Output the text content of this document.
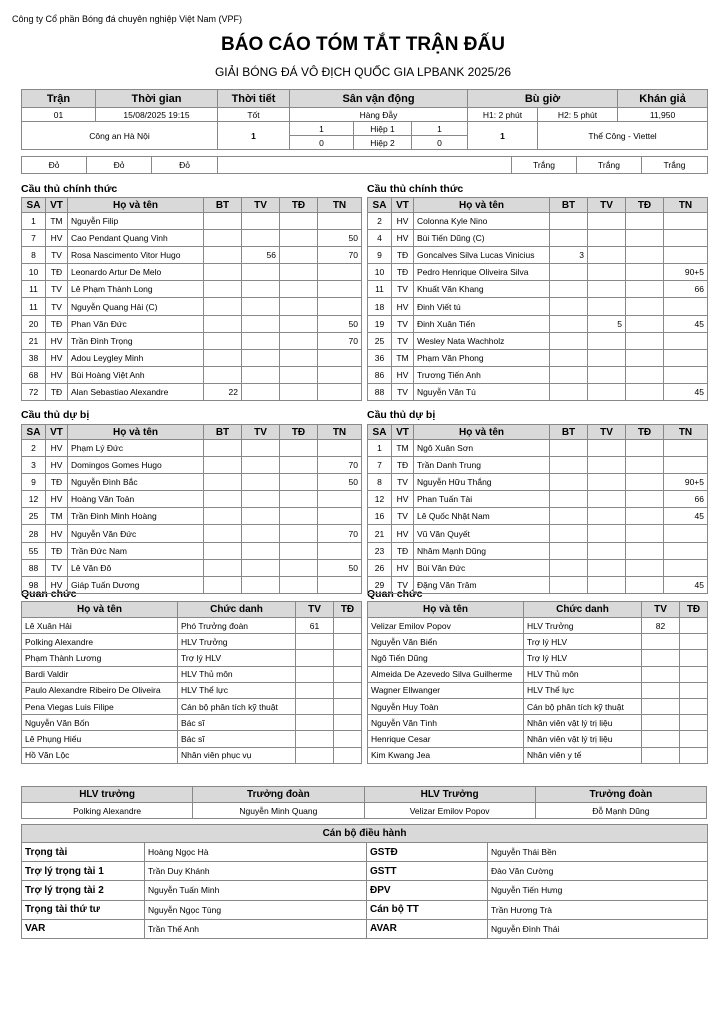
Công ty Cổ phần Bóng đá chuyên nghiệp Việt Nam (VPF)
BÁO CÁO TÓM TẮT TRẬN ĐẤU
GIẢI BÓNG ĐÁ VÔ ĐỊCH QUỐC GIA LPBANK 2025/26
Trận	Thời gian	Thời tiết	Sân vận động			Bù giờ		Khán giả
01	15/08/2025 19:15	Tốt	Hàng Đẫy			H1: 2 phút	H2: 5 phút	11,950
Công an Hà Nội		1	1	Hiệp 1	1	1	Thể Công - Viettel	
			0	Hiệp 2	0			
Đỏ	Đỏ	Đỏ		Trắng	Trắng	Trắng
Cầu thủ chính thức	Cầu thủ chính thức
Cầu thủ dự bị	Cầu thủ dự bị
Quan chức	Quan chức
SA	VT	Họ và tên	BT	TV	TĐ	TN
1	TM	Nguyễn Filip				
7	HV	Cao Pendant Quang Vinh				50
8	TV	Rosa Nascimento Vitor Hugo		56		70
10	TĐ	Leonardo Artur De Melo				
11	TV	Lê Phạm Thành Long				
11	TV	Nguyễn Quang Hải (C)				
20	TĐ	Phan Văn Đức				50
21	HV	Trần Đình Trọng				70
38	HV	Adou Leygley Minh				
68	HV	Bùi Hoàng Việt Anh				
72	TĐ	Alan Sebastiao Alexandre	22			
SA	VT	Họ và tên	BT	TV	TĐ	TN
2	HV	Colonna Kyle Nino				
4	HV	Bùi Tiến Dũng (C)				
9	TĐ	Goncalves Silva Lucas Vinicius	3			
10	TĐ	Pedro Henrique Oliveira Silva				90+5
11	TV	Khuất Văn Khang				66
18	HV	Đinh Viết tú				
19	TV	Đinh Xuân Tiến		5		45
25	TV	Wesley Nata Wachholz				
36	TM	Phạm Văn Phong				
86	HV	Trương Tiến Anh				
88	TV	Nguyễn Văn Tú				45
SA	VT	Họ và tên	BT	TV	TĐ	TN
2	HV	Phạm Lý Đức				
3	HV	Domingos Gomes Hugo				70
9	TĐ	Nguyễn Đình Bắc				50
12	HV	Hoàng Văn Toản				
25	TM	Trần Đình Minh Hoàng				
28	HV	Nguyễn Văn Đức				70
55	TĐ	Trần Đức Nam				
88	TV	Lê Văn Đô				50
98	HV	Giáp Tuấn Dương				
SA	VT	Họ và tên	BT	TV	TĐ	TN
1	TM	Ngô Xuân Sơn				
7	TĐ	Trần Danh Trung				
8	TV	Nguyễn Hữu Thắng				90+5
12	HV	Phan Tuấn Tài				66
16	TV	Lê Quốc Nhật Nam				45
21	HV	Vũ Văn Quyết				
23	TĐ	Nhâm Mạnh Dũng				
26	HV	Bùi Văn Đức				
29	TV	Đặng Văn Trâm				45
Họ và tên	Chức danh	TV	TĐ
Lê Xuân Hải	Phó Trưởng đoàn	61	
Polking Alexandre	HLV Trưởng		
Phạm Thành Lương	Trợ lý HLV		
Bardi Valdir	HLV Thủ môn		
Paulo Alexandre Ribeiro De Oliveira	HLV Thể lực		
Pena Viegas Luis Filipe	Cán bộ phân tích kỹ thuật		
Nguyễn Văn Bốn	Bác sĩ		
Lê Phụng Hiếu	Bác sĩ		
Hồ Văn Lộc	Nhân viên phục vụ		
Họ và tên	Chức danh	TV	TĐ
Velizar Emilov Popov	HLV Trưởng	82	
Nguyễn Văn Biển	Trợ lý HLV		
Ngô Tiến Dũng	Trợ lý HLV		
Almeida De Azevedo Silva Guilherme	HLV Thủ môn		
Wagner Ellwanger	HLV Thể lực		
Nguyễn Huy Toàn	Cán bộ phân tích kỹ thuật		
Nguyễn Văn Tình	Nhân viên vật lý trị liệu		
Henrique Cesar	Nhân viên vật lý trị liệu		
Kim Kwang Jea	Nhân viên y tế		
HLV trưởng	Trưởng đoàn	HLV Trưởng	Trưởng đoàn
Polking Alexandre	Nguyễn Minh Quang	Velizar Emilov Popov	Đỗ Mạnh Dũng
Cán bộ điều hành			
Trọng tài	Hoàng Ngọc Hà	GSTĐ	Nguyễn Thái Bền
Trợ lý trọng tài 1	Trần Duy Khánh	GSTT	Đào Văn Cường
Trợ lý trọng tài 2	Nguyễn Tuấn Minh	ĐPV	Nguyễn Tiến Hưng
Trọng tài thứ tư	Nguyễn Ngọc Tùng	Cán bộ TT	Trần Hương Trà
VAR	Trần Thế Anh	AVAR	Nguyễn Đình Thái
